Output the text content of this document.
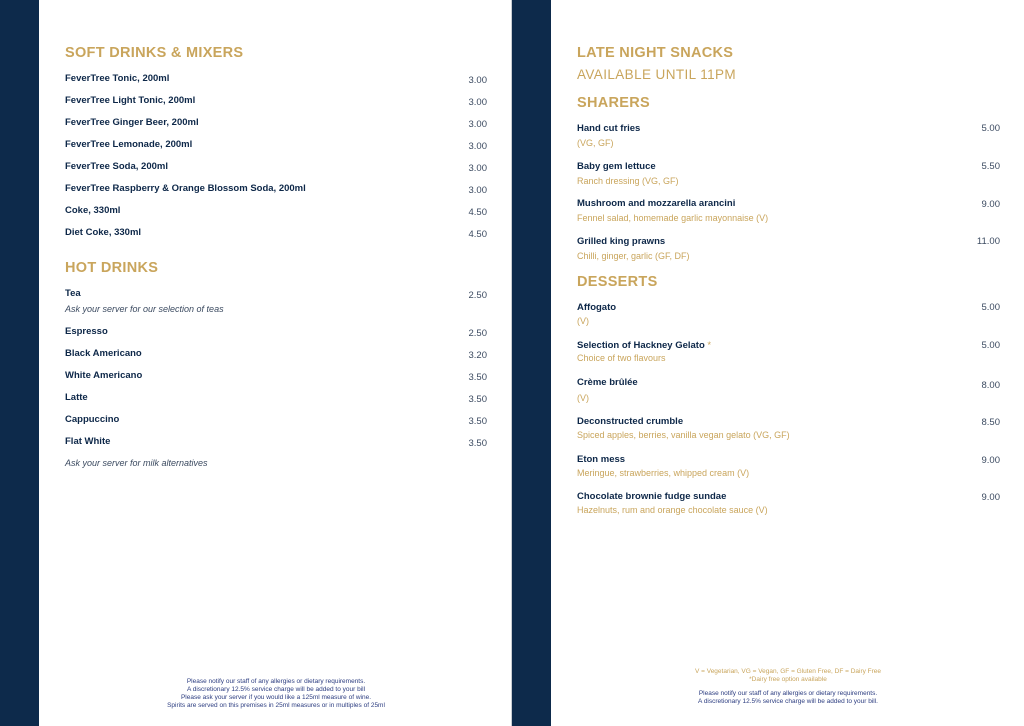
SOFT DRINKS & MIXERS
FeverTree Tonic, 200ml	3.00
FeverTree Light Tonic, 200ml	3.00
FeverTree Ginger Beer, 200ml	3.00
FeverTree Lemonade, 200ml	3.00
FeverTree Soda, 200ml	3.00
FeverTree Raspberry & Orange Blossom Soda, 200ml	3.00
Coke, 330ml	4.50
Diet Coke, 330ml	4.50
HOT DRINKS
Tea	2.50
Ask your server for our selection of teas
Espresso	2.50
Black Americano	3.20
White Americano	3.50
Latte	3.50
Cappuccino	3.50
Flat White	3.50
Ask your server for milk alternatives
Please notify our staff of any allergies or dietary requirements.
A discretionary 12.5% service charge will be added to your bill
Please ask your server if you would like a 125ml measure of wine.
Spirits are served on this premises in 25ml measures or in multiples of 25ml
LATE NIGHT SNACKS
AVAILABLE UNTIL 11PM
SHARERS
Hand cut fries	5.00
(VG, GF)
Baby gem lettuce	5.50
Ranch dressing (VG, GF)
Mushroom and mozzarella arancini	9.00
Fennel salad, homemade garlic mayonnaise (V)
Grilled king prawns	11.00
Chilli, ginger, garlic (GF, DF)
DESSERTS
Affogato	5.00
(V)
Selection of Hackney Gelato *	5.00
Choice of two flavours
Crème brûlée	8.00
(V)
Deconstructed crumble	8.50
Spiced apples, berries, vanilla vegan gelato (VG, GF)
Eton mess	9.00
Meringue, strawberries, whipped cream (V)
Chocolate brownie fudge sundae	9.00
Hazelnuts, rum and orange chocolate sauce (V)
V = Vegetarian, VG = Vegan, GF = Gluten Free, DF = Dairy Free
*Dairy free option available
Please notify our staff of any allergies or dietary requirements.
A discretionary 12.5% service charge will be added to your bill.
